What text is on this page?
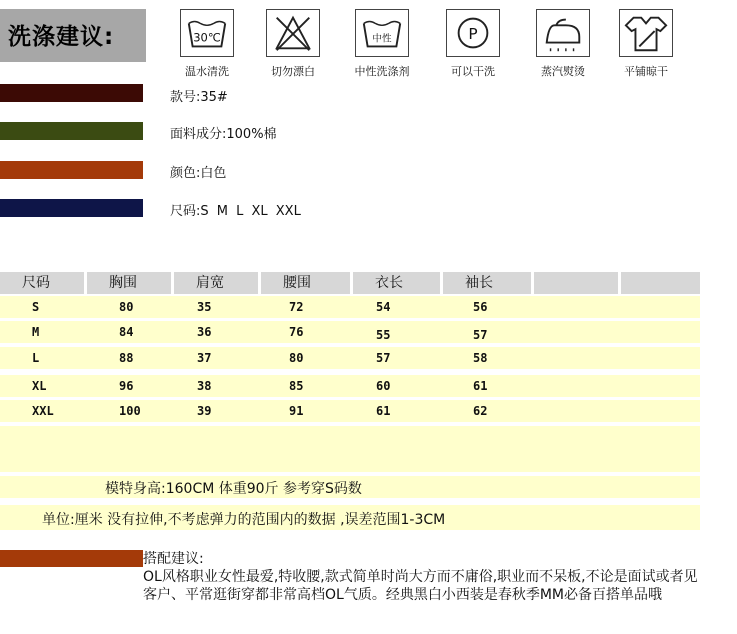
洗涤建议:	30℃	中性	P
温水清洗	切勿漂白	中性洗涤剂	可以干洗	蒸汽熨烫	平铺晾干
款号:35#
面料成分:100%棉
颜色:白色
尺码:S M L XL XXL
尺码	胸围	肩宽	腰围	衣长	袖长
S	80	35	72	54	56
M	84	36	76	55	57
L	88	37	80	57	58
XL	96	38	85	60	61
XXL	100	39	91	61	62
模特身高:160CM 体重90斤 参考穿S码数
单位:厘米 没有拉伸,不考虑弹力的范围内的数据 ,误差范围1-3CM
搭配建议:
OL风格职业女性最爱,特收腰,款式简单时尚大方而不庸俗,职业而不呆板,不论是面试或者见客户、平常逛街穿都非常高档OL气质。经典黑白小西装是春秋季MM必备百搭单品哦
